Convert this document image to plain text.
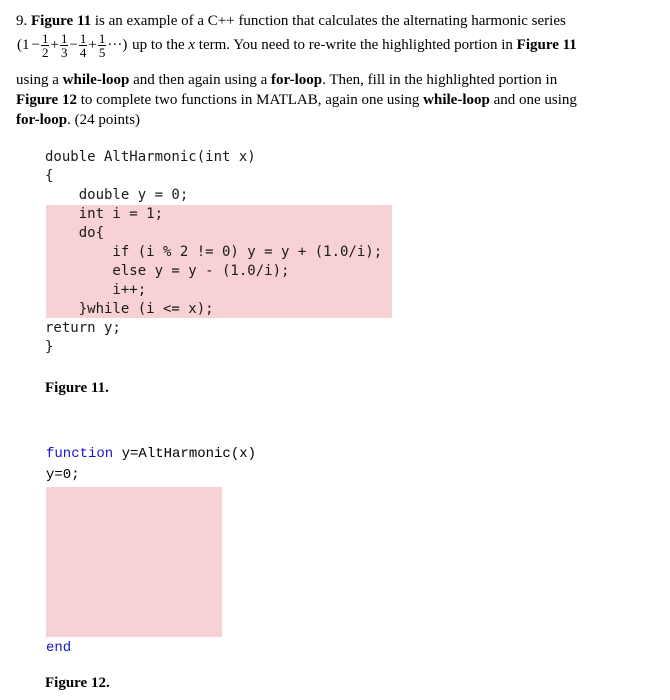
9. Figure 11 is an example of a C++ function that calculates the alternating harmonic series
($1 - \frac{1}{2} + \frac{1}{3} - \frac{1}{4} + \frac{1}{5}$ ···) up to the x term. You need to re-write the highlighted portion in Figure 11
using a while-loop and then again using a for-loop. Then, fill in the highlighted portion in
Figure 12 to complete two functions in MATLAB, again one using while-loop and one using
for-loop. (24 points)
double AltHarmonic(int x)
{
double y = 0;
int i = 1;
do{
if (i % 2 != 0) y = y + (1.0/i);
else y = y - (1.0/i);
i++;
}while (i <= x);
return y;
}
Figure 11.
function y=AltHarmonic(x)
y=0;
end
Figure 12.
